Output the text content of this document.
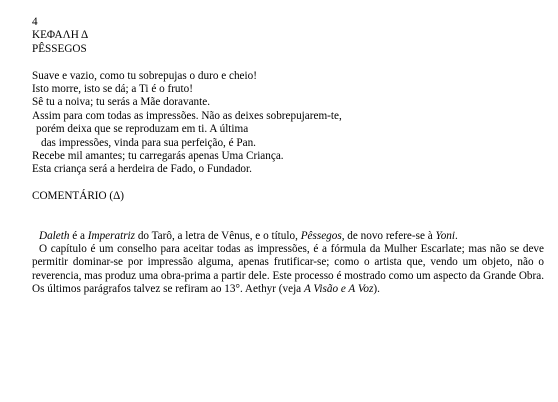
4
ΚΕΦΑΛΗ Δ
PÊSSEGOS
Suave e vazio, como tu sobrepujas o duro e cheio!
Isto morre, isto se dá; a Ti é o fruto!
Sê tu a noiva; tu serás a Mãe doravante.
Assim para com todas as impressões. Não as deixes sobrepujarem-te,
porém deixa que se reproduzam em ti. A última
das impressões, vinda para sua perfeição, é Pan.
Recebe mil amantes; tu carregarás apenas Uma Criança.
Esta criança será a herdeira de Fado, o Fundador.
COMENTÁRIO (Δ)

Daleth é a Imperatriz do Tarô, a letra de Vênus, e o título, Pêssegos, de novo refere-se à Yoni.

O capítulo é um conselho para aceitar todas as impressões, é a fórmula da Mulher Escarlate; mas não se deve permitir dominar-se por impressão alguma, apenas frutificar-se; como o artista que, vendo um objeto, não o reverencia, mas produz uma obra-prima a partir dele. Este processo é mostrado como um aspecto da Grande Obra. Os últimos parágrafos talvez se refiram ao 13°. Aethyr (veja A Visão e A Voz).
